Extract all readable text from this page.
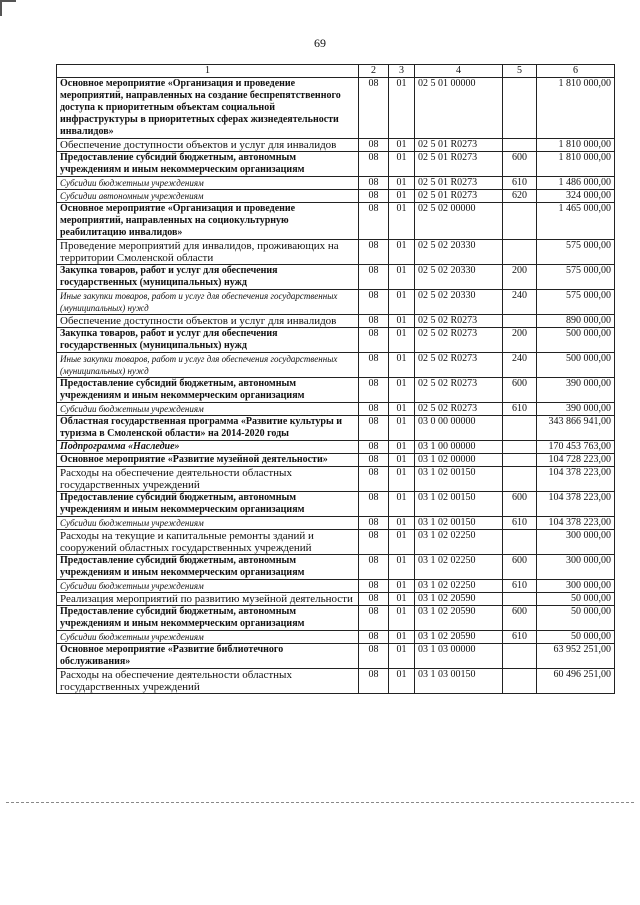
69
1	2	3	4	5	6
Основное мероприятие «Организация и проведение мероприятий, направленных на создание беспрепятственного доступа к приоритетным объектам социальной инфраструктуры в приоритетных сферах жизнедеятельности инвалидов»	08	01	02 5 01 00000		1 810 000,00
Обеспечение доступности объектов и услуг для инвалидов	08	01	02 5 01 R0273		1 810 000,00
Предоставление субсидий бюджетным, автономным учреждениям и иным некоммерческим организациям	08	01	02 5 01 R0273	600	1 810 000,00
Субсидии бюджетным учреждениям	08	01	02 5 01 R0273	610	1 486 000,00
Субсидии автономным учреждениям	08	01	02 5 01 R0273	620	324 000,00
Основное мероприятие «Организация и проведение мероприятий, направленных на социокультурную реабилитацию инвалидов»	08	01	02 5 02 00000		1 465 000,00
Проведение мероприятий для инвалидов, проживающих на территории Смоленской области	08	01	02 5 02 20330		575 000,00
Закупка товаров, работ и услуг для обеспечения государственных (муниципальных) нужд	08	01	02 5 02 20330	200	575 000,00
Иные закупки товаров, работ и услуг для обеспечения государственных (муниципальных) нужд	08	01	02 5 02 20330	240	575 000,00
Обеспечение доступности объектов и услуг для инвалидов	08	01	02 5 02 R0273		890 000,00
Закупка товаров, работ и услуг для обеспечения государственных (муниципальных) нужд	08	01	02 5 02 R0273	200	500 000,00
Иные закупки товаров, работ и услуг для обеспечения государственных (муниципальных) нужд	08	01	02 5 02 R0273	240	500 000,00
Предоставление субсидий бюджетным, автономным учреждениям и иным некоммерческим организациям	08	01	02 5 02 R0273	600	390 000,00
Субсидии бюджетным учреждениям	08	01	02 5 02 R0273	610	390 000,00
Областная государственная программа «Развитие культуры и туризма в Смоленской области» на 2014-2020 годы	08	01	03 0 00 00000		343 866 941,00
Подпрограмма «Наследие»	08	01	03 1 00 00000		170 453 763,00
Основное мероприятие «Развитие музейной деятельности»	08	01	03 1 02 00000		104 728 223,00
Расходы на обеспечение деятельности областных государственных учреждений	08	01	03 1 02 00150		104 378 223,00
Предоставление субсидий бюджетным, автономным учреждениям и иным некоммерческим организациям	08	01	03 1 02 00150	600	104 378 223,00
Субсидии бюджетным учреждениям	08	01	03 1 02 00150	610	104 378 223,00
Расходы на текущие и капитальные ремонты зданий и сооружений областных государственных учреждений	08	01	03 1 02 02250		300 000,00
Предоставление субсидий бюджетным, автономным учреждениям и иным некоммерческим организациям	08	01	03 1 02 02250	600	300 000,00
Субсидии бюджетным учреждениям	08	01	03 1 02 02250	610	300 000,00
Реализация мероприятий по развитию музейной деятельности	08	01	03 1 02 20590		50 000,00
Предоставление субсидий бюджетным, автономным учреждениям и иным некоммерческим организациям	08	01	03 1 02 20590	600	50 000,00
Субсидии бюджетным учреждениям	08	01	03 1 02 20590	610	50 000,00
Основное мероприятие «Развитие библиотечного обслуживания»	08	01	03 1 03 00000		63 952 251,00
Расходы на обеспечение деятельности областных государственных учреждений	08	01	03 1 03 00150		60 496 251,00
